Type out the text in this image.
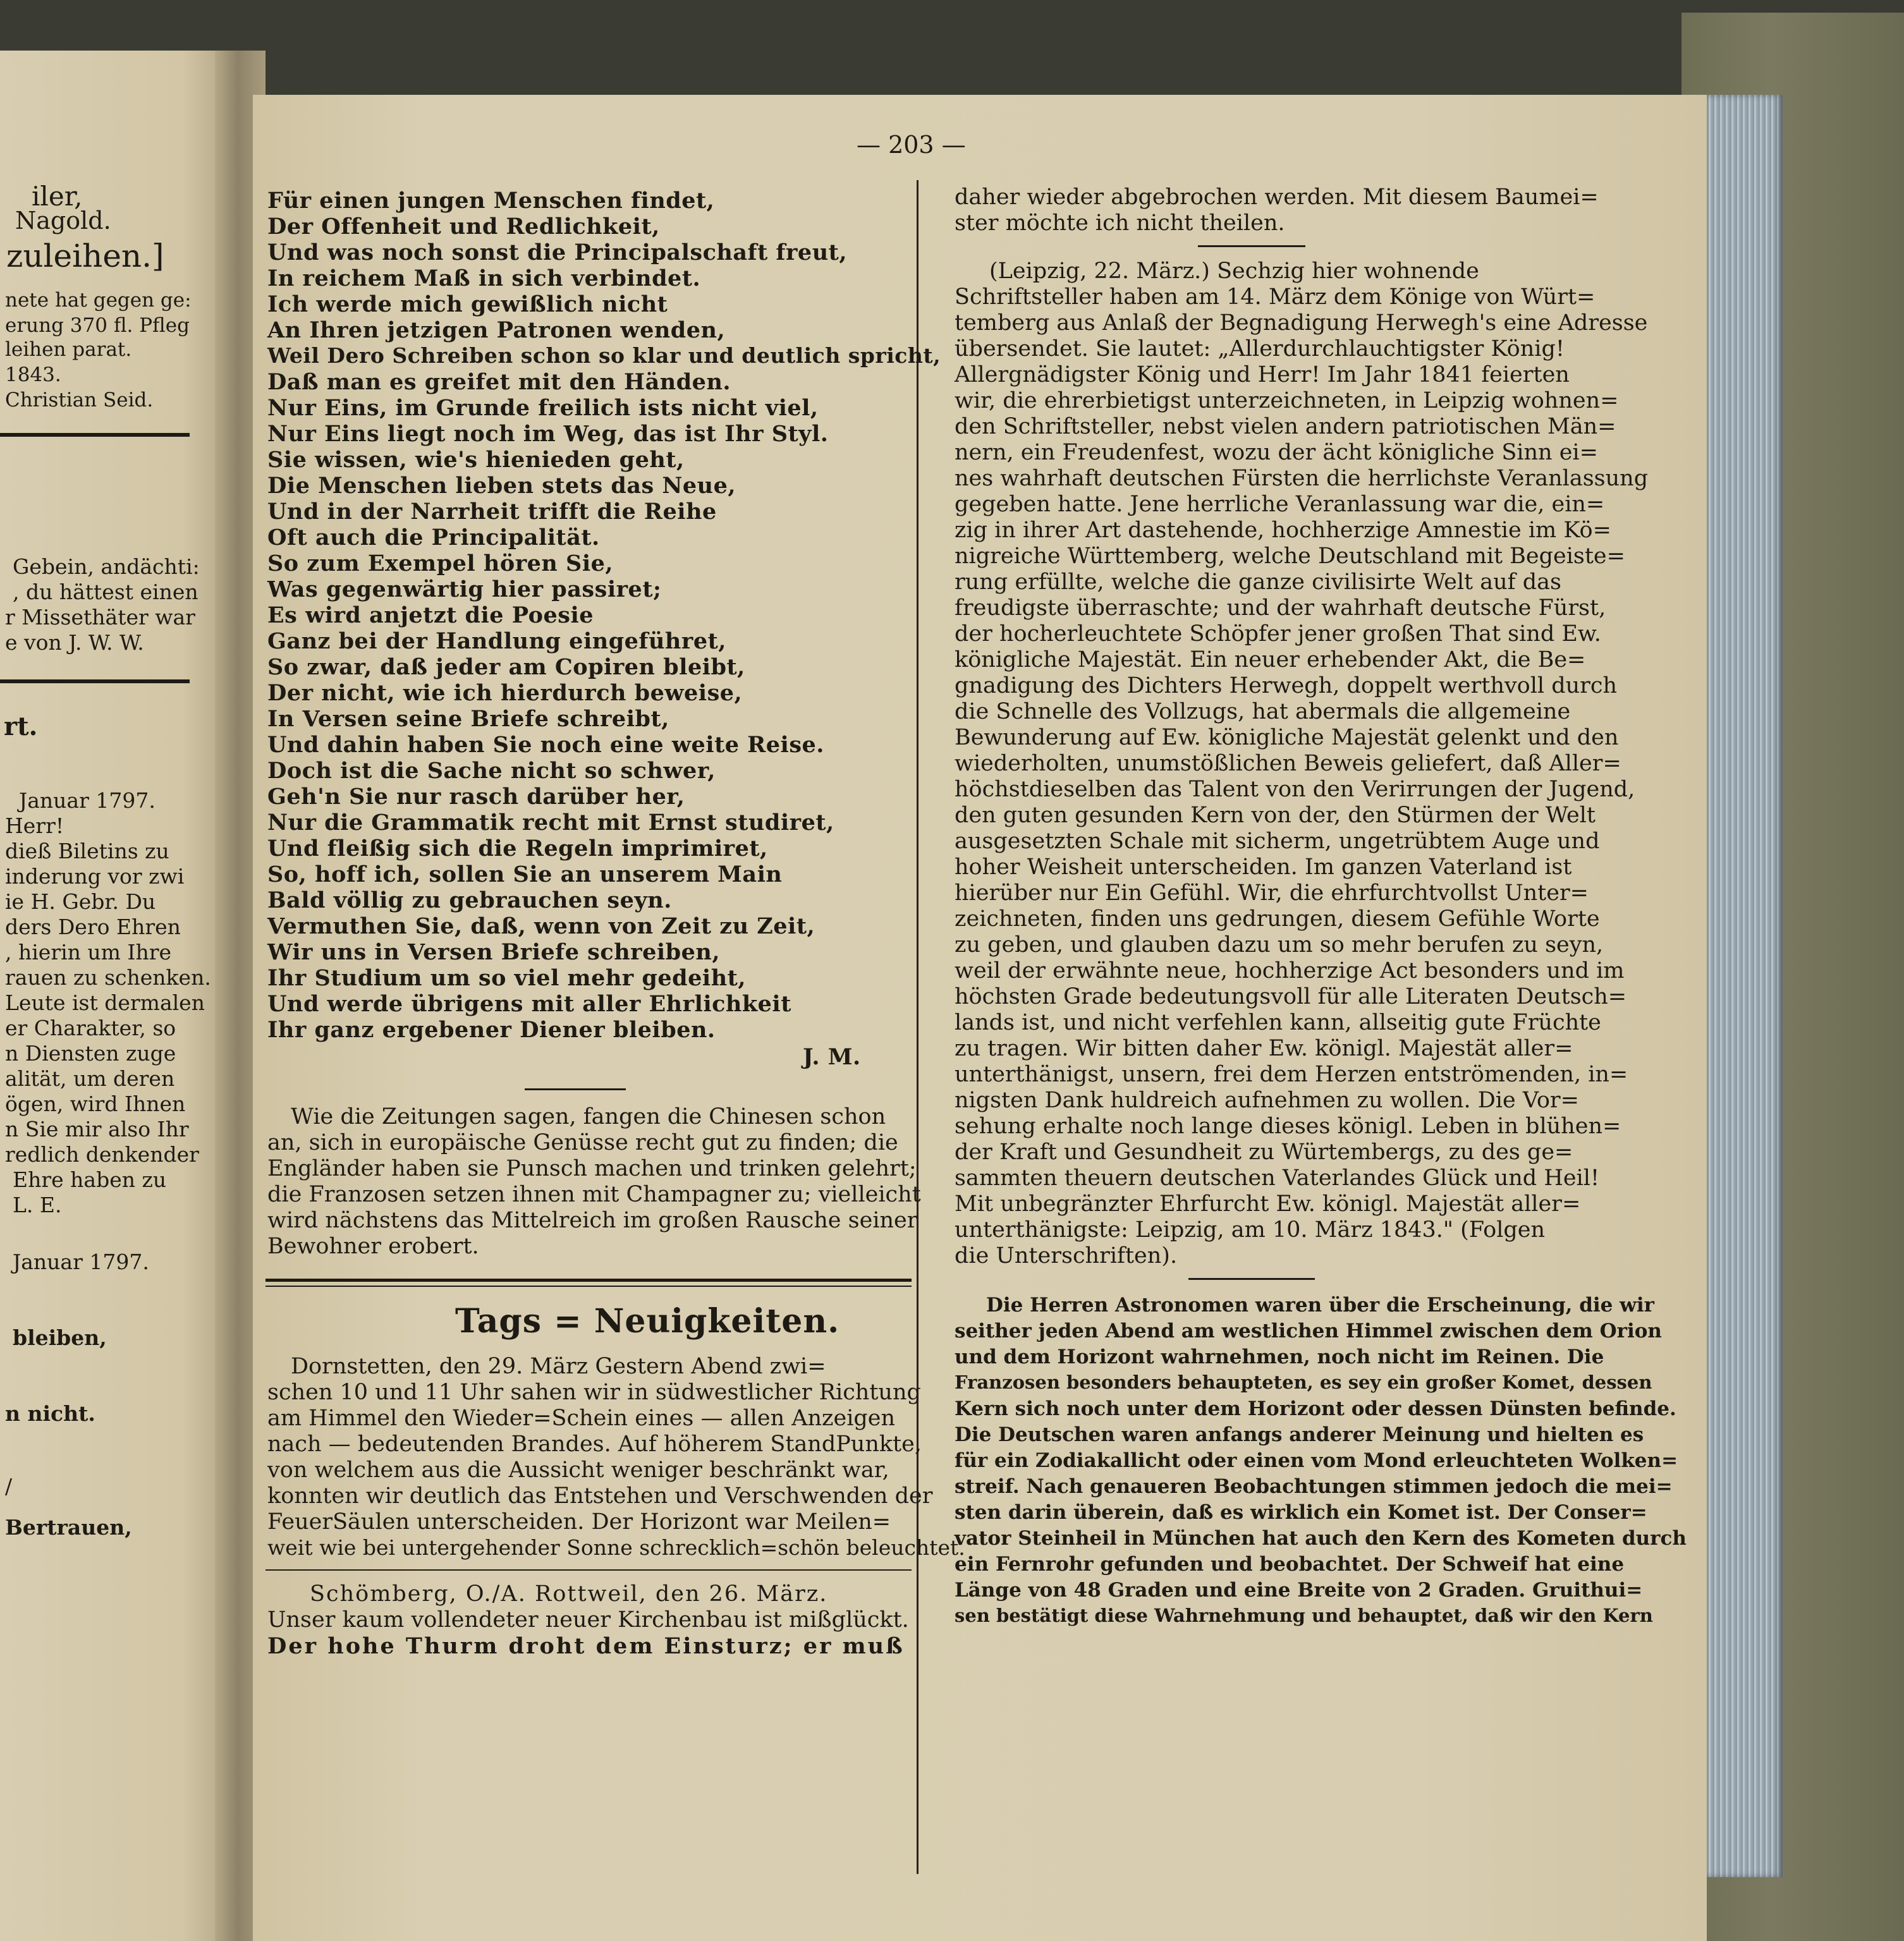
iler,
Nagold.
zuleihen.]
nete hat gegen ge:
erung 370 fl. Pfleg
leihen parat.
1843.
Christian Seid.
Gebein, andächti:
, du hättest einen
r Missethäter war
e von J. W. W.
rt.
Januar 1797.
Herr!
dieß Biletins zu
inderung vor zwi
ie H. Gebr. Du
ders Dero Ehren
, hierin um Ihre
rauen zu schenken.
Leute ist dermalen
er Charakter, so
n Diensten zuge
alität, um deren
ögen, wird Ihnen
n Sie mir also Ihr
redlich denkender
Ehre haben zu
L. E.
Januar 1797.
bleiben,
n nicht.
/
Bertrauen,
— 203 —
Für einen jungen Menschen findet,
Der Offenheit und Redlichkeit,
Und was noch sonst die Principalschaft freut,
In reichem Maß in sich verbindet.
Ich werde mich gewißlich nicht
An Ihren jetzigen Patronen wenden,
Weil Dero Schreiben schon so klar und deutlich spricht,
Daß man es greifet mit den Händen.
Nur Eins, im Grunde freilich ists nicht viel,
Nur Eins liegt noch im Weg, das ist Ihr Styl.
Sie wissen, wie's hienieden geht,
Die Menschen lieben stets das Neue,
Und in der Narrheit trifft die Reihe
Oft auch die Principalität.
So zum Exempel hören Sie,
Was gegenwärtig hier passiret;
Es wird anjetzt die Poesie
Ganz bei der Handlung eingeführet,
So zwar, daß jeder am Copiren bleibt,
Der nicht, wie ich hierdurch beweise,
In Versen seine Briefe schreibt,
Und dahin haben Sie noch eine weite Reise.
Doch ist die Sache nicht so schwer,
Geh'n Sie nur rasch darüber her,
Nur die Grammatik recht mit Ernst studiret,
Und fleißig sich die Regeln imprimiret,
So, hoff ich, sollen Sie an unserem Main
Bald völlig zu gebrauchen seyn.
Vermuthen Sie, daß, wenn von Zeit zu Zeit,
Wir uns in Versen Briefe schreiben,
Ihr Studium um so viel mehr gedeiht,
Und werde übrigens mit aller Ehrlichkeit
Ihr ganz ergebener Diener bleiben.
J. M.
Wie die Zeitungen sagen, fangen die Chinesen schon
an, sich in europäische Genüsse recht gut zu finden; die
Engländer haben sie Punsch machen und trinken gelehrt;
die Franzosen setzen ihnen mit Champagner zu; vielleicht
wird nächstens das Mittelreich im großen Rausche seiner
Bewohner erobert.
Tags = Neuigkeiten.
Dornstetten, den 29. März Gestern Abend zwi=
schen 10 und 11 Uhr sahen wir in südwestlicher Richtung
am Himmel den Wieder=Schein eines — allen Anzeigen
nach — bedeutenden Brandes. Auf höherem StandPunkte,
von welchem aus die Aussicht weniger beschränkt war,
konnten wir deutlich das Entstehen und Verschwenden der
FeuerSäulen unterscheiden. Der Horizont war Meilen=
weit wie bei untergehender Sonne schrecklich=schön beleuchtet.
Schömberg, O./A. Rottweil, den 26. März.
Unser kaum vollendeter neuer Kirchenbau ist mißglückt.
Der hohe Thurm droht dem Einsturz; er muß
daher wieder abgebrochen werden. Mit diesem Baumei=
ster möchte ich nicht theilen.
(Leipzig, 22. März.) Sechzig hier wohnende
Schriftsteller haben am 14. März dem Könige von Würt=
temberg aus Anlaß der Begnadigung Herwegh's eine Adresse
übersendet. Sie lautet: „Allerdurchlauchtigster König!
Allergnädigster König und Herr! Im Jahr 1841 feierten
wir, die ehrerbietigst unterzeichneten, in Leipzig wohnen=
den Schriftsteller, nebst vielen andern patriotischen Män=
nern, ein Freudenfest, wozu der ächt königliche Sinn ei=
nes wahrhaft deutschen Fürsten die herrlichste Veranlassung
gegeben hatte. Jene herrliche Veranlassung war die, ein=
zig in ihrer Art dastehende, hochherzige Amnestie im Kö=
nigreiche Württemberg, welche Deutschland mit Begeiste=
rung erfüllte, welche die ganze civilisirte Welt auf das
freudigste überraschte; und der wahrhaft deutsche Fürst,
der hocherleuchtete Schöpfer jener großen That sind Ew.
königliche Majestät. Ein neuer erhebender Akt, die Be=
gnadigung des Dichters Herwegh, doppelt werthvoll durch
die Schnelle des Vollzugs, hat abermals die allgemeine
Bewunderung auf Ew. königliche Majestät gelenkt und den
wiederholten, unumstößlichen Beweis geliefert, daß Aller=
höchstdieselben das Talent von den Verirrungen der Jugend,
den guten gesunden Kern von der, den Stürmen der Welt
ausgesetzten Schale mit sicherm, ungetrübtem Auge und
hoher Weisheit unterscheiden. Im ganzen Vaterland ist
hierüber nur Ein Gefühl. Wir, die ehrfurchtvollst Unter=
zeichneten, finden uns gedrungen, diesem Gefühle Worte
zu geben, und glauben dazu um so mehr berufen zu seyn,
weil der erwähnte neue, hochherzige Act besonders und im
höchsten Grade bedeutungsvoll für alle Literaten Deutsch=
lands ist, und nicht verfehlen kann, allseitig gute Früchte
zu tragen. Wir bitten daher Ew. königl. Majestät aller=
unterthänigst, unsern, frei dem Herzen entströmenden, in=
nigsten Dank huldreich aufnehmen zu wollen. Die Vor=
sehung erhalte noch lange dieses königl. Leben in blühen=
der Kraft und Gesundheit zu Würtembergs, zu des ge=
sammten theuern deutschen Vaterlandes Glück und Heil!
Mit unbegränzter Ehrfurcht Ew. königl. Majestät aller=
unterthänigste: Leipzig, am 10. März 1843." (Folgen
die Unterschriften).
Die Herren Astronomen waren über die Erscheinung, die wir
seither jeden Abend am westlichen Himmel zwischen dem Orion
und dem Horizont wahrnehmen, noch nicht im Reinen. Die
Franzosen besonders behaupteten, es sey ein großer Komet, dessen
Kern sich noch unter dem Horizont oder dessen Dünsten befinde.
Die Deutschen waren anfangs anderer Meinung und hielten es
für ein Zodiakallicht oder einen vom Mond erleuchteten Wolken=
streif. Nach genaueren Beobachtungen stimmen jedoch die mei=
sten darin überein, daß es wirklich ein Komet ist. Der Conser=
vator Steinheil in München hat auch den Kern des Kometen durch
ein Fernrohr gefunden und beobachtet. Der Schweif hat eine
Länge von 48 Graden und eine Breite von 2 Graden. Gruithui=
sen bestätigt diese Wahrnehmung und behauptet, daß wir den Kern
